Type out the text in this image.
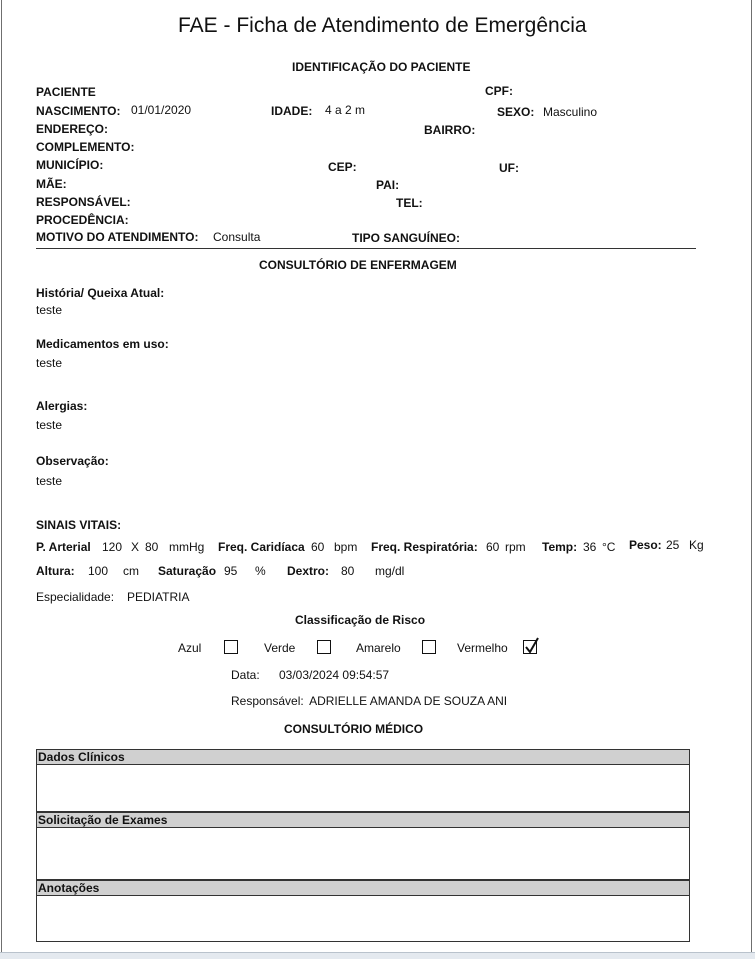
FAE - Ficha de Atendimento de Emergência
IDENTIFICAÇÃO DO PACIENTE
PACIENTE	CPF:
NASCIMENTO: 01/01/2020	IDADE: 4 a 2 m	SEXO: Masculino
ENDEREÇO:	BAIRRO:
COMPLEMENTO:
MUNICÍPIO:	CEP:	UF:
MÃE:	PAI:
RESPONSÁVEL:	TEL:
PROCEDÊNCIA:
MOTIVO DO ATENDIMENTO: Consulta	TIPO SANGUÍNEO:
CONSULTÓRIO DE ENFERMAGEM
História/ Queixa Atual:
teste
Medicamentos em uso:
teste
Alergias:
teste
Observação:
teste
SINAIS VITAIS:
P. Arterial 120 X 80 mmHg Freq. Caridíaca 60 bpm Freq. Respiratória: 60 rpm Temp: 36 °C Peso: 25 Kg
Altura: 100 cm Saturação 95 % Dextro: 80 mg/dl
Especialidade: PEDIATRIA
Classificação de Risco
Azul	Verde	Amarelo	Vermelho
Data: 03/03/2024 09:54:57
Responsável: ADRIELLE AMANDA DE SOUZA ANI
CONSULTÓRIO MÉDICO
Dados Clínicos
Solicitação de Exames
Anotações
